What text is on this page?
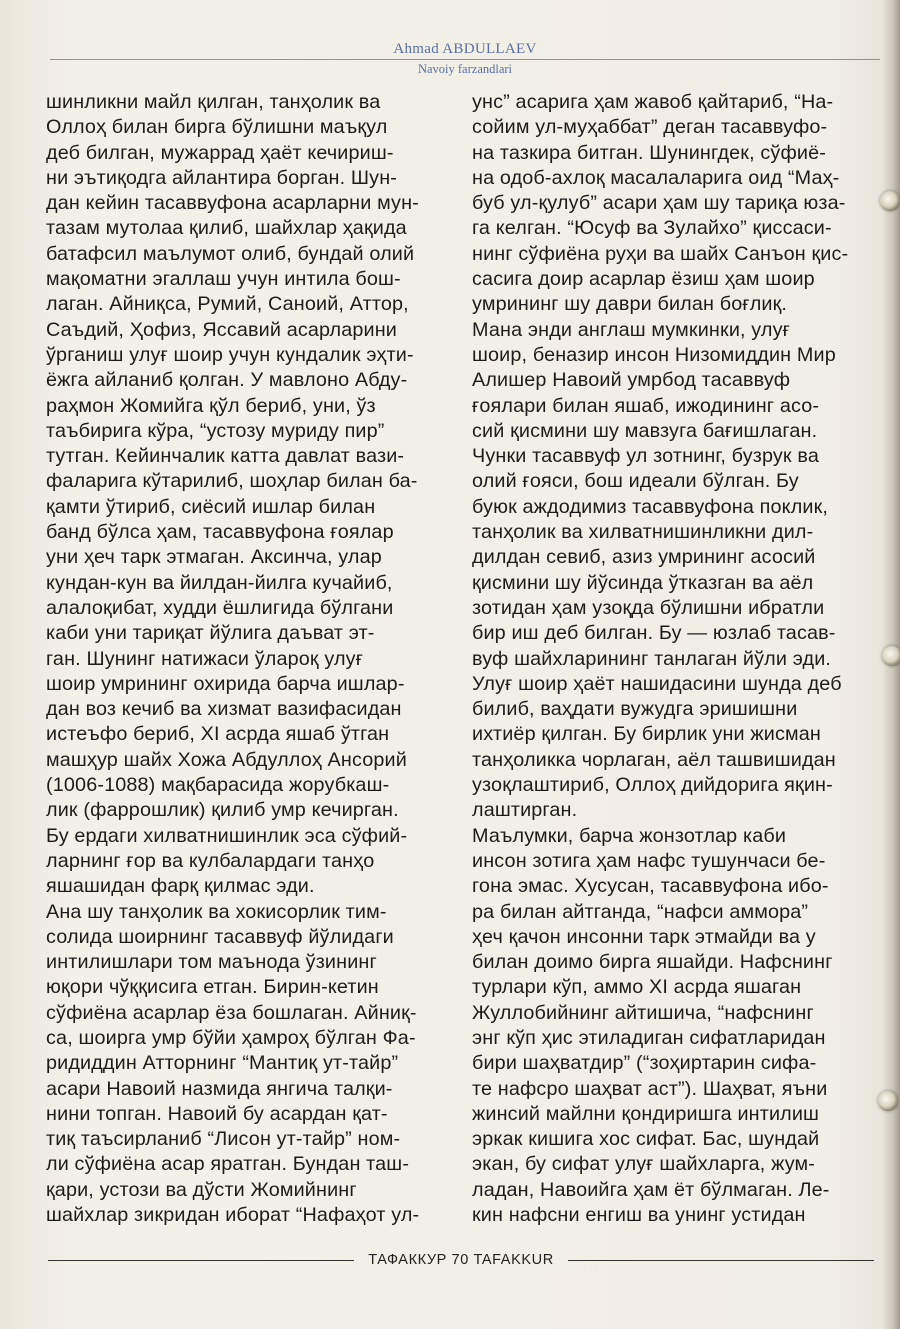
Ahmad ABDULLAEV
Navoiy farzandlari

шинликни майл қилган, танҳолик ва

Оллоҳ билан бирга бўлишни маъқул

деб билган, мужаррад ҳаёт кечириш-

ни эътиқодга айлантира борган. Шун-

дан кейин тасаввуфона асарларни мун-

тазам мутолаа қилиб, шайхлар ҳақида

батафсил маълумот олиб, бундай олий

мақоматни эгаллаш учун интила бош-

лаган. Айниқса, Румий, Саноий, Аттор,

Саъдий, Ҳофиз, Яссавий асарларини

ўрганиш улуғ шоир учун кундалик эҳти-

ёжга айланиб қолган. У мавлоно Абду-

раҳмон Жомийга қўл бериб, уни, ўз

таъбирига кўра, “устозу муриду пир”

тутган. Кейинчалик катта давлат вази-

фаларига кўтарилиб, шоҳлар билан ба-

қамти ўтириб, сиёсий ишлар билан

банд бўлса ҳам, тасаввуфона ғоялар

уни ҳеч тарк этмаган. Аксинча, улар

кундан-кун ва йилдан-йилга кучайиб,

алалоқибат, худди ёшлигида бўлгани

каби уни тариқат йўлига даъват эт-

ган. Шунинг натижаси ўлароқ улуғ

шоир умрининг охирида барча ишлар-

дан воз кечиб ва хизмат вазифасидан

истеъфо бериб, XI асрда яшаб ўтган

машҳур шайх Хожа Абдуллоҳ Ансорий

(1006-1088) мақбарасида жорубкаш-

лик (фаррошлик) қилиб умр кечирган.

Бу ердаги хилватнишинлик эса сўфий-

ларнинг ғор ва кулбалардаги танҳо

яшашидан фарқ қилмас эди.

Ана шу танҳолик ва хокисорлик тим-

солида шоирнинг тасаввуф йўлидаги

интилишлари том маънода ўзининг

юқори чўққисига етган. Бирин-кетин

сўфиёна асарлар ёза бошлаган. Айниқ-

са, шоирга умр бўйи ҳамроҳ бўлган Фа-

ридиддин Атторнинг “Мантиқ ут-тайр”

асари Навоий назмида янгича талқи-

нини топган. Навоий бу асардан қат-

тиқ таъсирланиб “Лисон ут-тайр” ном-

ли сўфиёна асар яратган. Бундан таш-

қари, устози ва дўсти Жомийнинг

шайхлар зикридан иборат “Нафаҳот ул-

унс” асарига ҳам жавоб қайтариб, “На-

сойим ул-муҳаббат” деган тасаввуфо-

на тазкира битган. Шунингдек, сўфиё-

на одоб-ахлоқ масалаларига оид “Маҳ-

буб ул-қулуб” асари ҳам шу тариқа юза-

га келган. “Юсуф ва Зулайхо” қиссаси-

нинг сўфиёна руҳи ва шайх Санъон қис-

сасига доир асарлар ёзиш ҳам шоир

умрининг шу даври билан боғлиқ.

Мана энди англаш мумкинки, улуғ

шоир, беназир инсон Низомиддин Мир

Алишер Навоий умрбод тасаввуф

ғоялари билан яшаб, ижодининг асо-

сий қисмини шу мавзуга бағишлаган.

Чунки тасаввуф ул зотнинг, бузрук ва

олий ғояси, бош идеали бўлган. Бу

буюк аждодимиз тасаввуфона поклик,

танҳолик ва хилватнишинликни дил-

дилдан севиб, азиз умрининг асосий

қисмини шу йўсинда ўтказган ва аёл

зотидан ҳам узоқда бўлишни ибратли

бир иш деб билган. Бу — юзлаб тасав-

вуф шайхларининг танлаган йўли эди.

Улуғ шоир ҳаёт нашидасини шунда деб

билиб, ваҳдати вужудга эришишни

ихтиёр қилган. Бу бирлик уни жисман

танҳоликка чорлаган, аёл ташвишидан

узоқлаштириб, Оллоҳ дийдорига яқин-

лаштирган.

Маълумки, барча жонзотлар каби

инсон зотига ҳам нафс тушунчаси бе-

гона эмас. Хусусан, тасаввуфона ибо-

ра билан айтганда, “нафси аммора”

ҳеч қачон инсонни тарк этмайди ва у

билан доимо бирга яшайди. Нафснинг

турлари кўп, аммо XI асрда яшаган

Жуллобийнинг айтишича, “нафснинг

энг кўп ҳис этиладиган сифатларидан

бири шаҳватдир” (“зоҳиртарин сифа-

те нафсро шаҳват аст”). Шаҳват, яъни

жинсий майлни қондиришга интилиш

эркак кишига хос сифат. Бас, шундай

экан, бу сифат улуғ шайхларга, жум-

ладан, Навоийга ҳам ёт бўлмаган. Ле-

кин нафсни енгиш ва унинг устидан

ТАФАККУР 70 TAFAKKUR
